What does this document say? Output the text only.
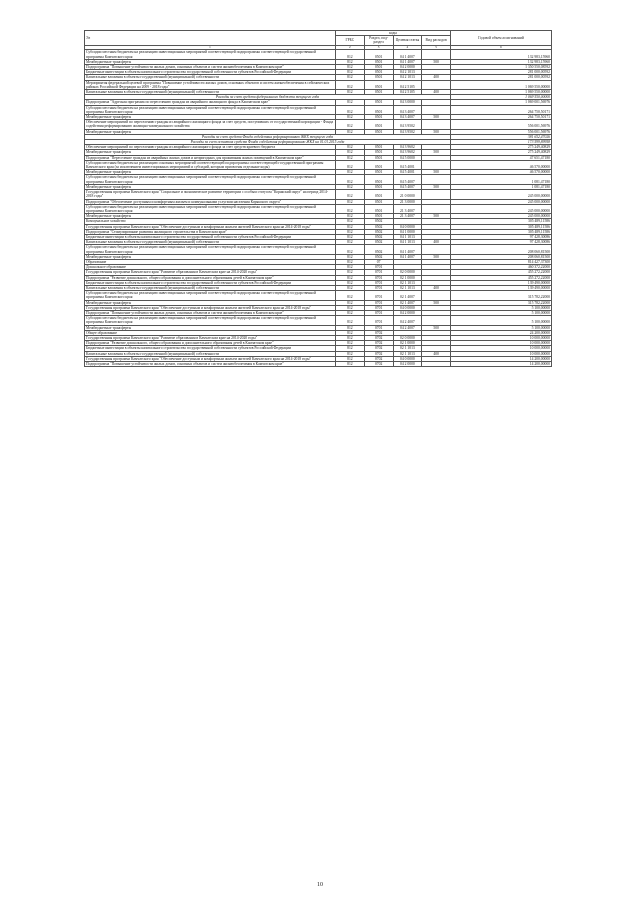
Эл	коды				Годовой объем ассигнований
	ГРБС	Раздел, под-раздел	Целевая статья	Вид расходов	
1	2	3	4	5	6
Субсидии местным бюджетам на реализацию инвестиционных мероприятий соответствующей подпрограммы соответствующей государственной программы Камчатского края	812	0501	04 1 4007		132 983,15960
Межбюджетные трансферты	812	0501	04 1 4007	500	132 983,15960
Подпрограмма "Повышение устойчивости жилых домов, основных объектов и систем жизнеобеспечения в Камчатском крае"	812	0501	04 2 0000		1 350 550,08592
Бюджетные инвестиции в объекты капитального строительства государственной собственности субъектов Российской Федерации	812	0501	04 2 1013		281 000,00592
Капитальные вложения в объекты государственной (муниципальной) собственности	812	0501	04 2 1013	400	281 000,00592
Мероприятия федеральной целевой программы "Повышение устойчивости жилых домов, основных объектов и систем жизнеобеспечения в сейсмических районах Российской Федерации на 2009 - 2018 годы"	812	0501	04 2 5105		1 069 550,00000
Капитальные вложения в объекты государственной (муниципальной) собственности	812	0501	04 2 5105	400	1 069 550,00000
Расходы за счет средств федерального бюджета текущего года					1 069 550,00000
Подпрограмма "Адресная программа по переселению граждан из аварийного жилищного фонда в Камчатском крае"	812	0501	04 3 0000		1 069 001,56976
Субсидии местным бюджетам на реализацию инвестиционных мероприятий соответствующей подпрограммы соответствующей государственной программы Камчатского края	812	0501	04 3 4007		264 750,50171
Межбюджетные трансферты	812	0501	04 3 4007	500	264 750,50171
Обеспечение мероприятий по переселению граждан из аварийного жилищного фонда за счет средств, поступивших от государственной корпорации - Фонда содействия реформированию жилищно-коммунального хозяйства	812	0501	04 3 9502		556 001,56976
Межбюджетные трансферты	812	0501	04 3 9502	500	556 001,56976
Расходы за счет средств Фонда содействия реформированию ЖКХ текущего года					381 652,47026
Расходы за счет остатков средств Фонда содействия реформированию ЖКХ на 01.01.2015 года					173 599,89958
Обеспечение мероприятий по переселению граждан из аварийного жилищного фонда за счет средств краевого бюджета	812	0501	04 3 9602		275 249,40829
Межбюджетные трансферты	812	0501	04 3 9602	500	275 249,40829
Подпрограмма "Переселение граждан из аварийных жилых домов и непригодных для проживания жилых помещений в Камчатском крае"	812	0501	04 5 0000		47 651,47180
Субсидии местным бюджетам на реализацию основных мероприятий соответствующей подпрограммы соответствующей государственной программы Камчатского края (за исключением инвестиционных мероприятий и субсидий, которым присвоены отдельные коды)	812	0501	04 5 4001		46 570,00000
Межбюджетные трансферты	812	0501	04 5 4001	500	46 570,00000
Субсидии местным бюджетам на реализацию инвестиционных мероприятий соответствующей подпрограммы соответствующей государственной программы Камчатского края	812	0501	04 5 4007		1 081,47180
Межбюджетные трансферты	812	0501	04 5 4007	500	1 081,47180
Государственная программа Камчатского края "Социальное и экономическое развитие территории с особым статусом "Корякский округ" на период 2014-2018 годы"	812	0501	21 0 0000		245 000,00000
Подпрограмма "Обеспечение доступным и комфортным жильем и коммунальными услугами населения Корякского округа"	812	0501	21 3 0000		245 000,00000
Субсидии местным бюджетам на реализацию инвестиционных мероприятий соответствующей подпрограммы соответствующей государственной программы Камчатского края	812	0501	21 3 4007		245 000,00000
Межбюджетные трансферты	812	0501	21 3 4007	500	245 000,00000
Коммунальное хозяйство	812	0502			305 489,11586
Государственная программа Камчатского края "Обеспечение доступным и комфортным жильем жителей Камчатского края на 2014-2018 годы"	812	0502	04 0 0000		305 489,11586
Подпрограмма "Стимулирование развития жилищного строительства в Камчатском крае"	812	0502	04 1 0000		305 489,11586
Бюджетные инвестиции в объекты капитального строительства государственной собственности субъектов Российской Федерации	812	0502	04 1 1013		97 428,30086
Капитальные вложения в объекты государственной (муниципальной) собственности	812	0502	04 1 1013	400	97 428,30086
Субсидии местным бюджетам на реализацию инвестиционных мероприятий соответствующей подпрограммы соответствующей государственной программы Камчатского края	812	0502	04 1 4007		208 060,81500
Межбюджетные трансферты	812	0502	04 1 4007	500	208 060,81500
Образование	812	07			814 427,37300
Дошкольное образование	812	0701			460 372,22000
Государственная программа Камчатского края "Развитие образования в Камчатском крае на 2014-2020 годы"	812	0701	02 0 0000		455 272,22000
Подпрограмма "Развитие дошкольного, общего образования и дополнительного образования детей в Камчатском крае"	812	0701	02 1 0000		455 272,22000
Бюджетные инвестиции в объекты капитального строительства государственной собственности субъектов Российской Федерации	812	0701	02 1 1013		139 490,00000
Капитальные вложения в объекты государственной (муниципальной) собственности	812	0701	02 1 1013	400	139 490,00000
Субсидии местным бюджетам на реализацию инвестиционных мероприятий соответствующей подпрограммы соответствующей государственной программы Камчатского края	812	0701	02 1 4007		315 782,22000
Межбюджетные трансферты	812	0701	02 1 4007	500	315 782,22000
Государственная программа Камчатского края "Обеспечение доступным и комфортным жильем жителей Камчатского края на 2014-2018 годы"	812	0701	04 0 0000		5 100,00000
Подпрограмма "Повышение устойчивости жилых домов, основных объектов и систем жизнеобеспечения в Камчатском крае"	812	0701	04 2 0000		5 100,00000
Субсидии местным бюджетам на реализацию инвестиционных мероприятий соответствующей подпрограммы соответствующей государственной программы Камчатского края	812	0701	04 2 4007		5 100,00000
Межбюджетные трансферты	812	0701	04 2 4007	500	5 100,00000
Общее образование	812	0702			24 200,00000
Государственная программа Камчатского края "Развитие образования в Камчатском крае на 2014-2020 годы"	812	0702	02 0 0000		10 000,00000
Подпрограмма "Развитие дошкольного, общего образования и дополнительного образования детей в Камчатском крае"	812	0702	02 1 0000		10 000,00000
Бюджетные инвестиции в объекты капитального строительства государственной собственности субъектов Российской Федерации	812	0702	02 1 1013		10 000,00000
Капитальные вложения в объекты государственной (муниципальной) собственности	812	0702	02 1 1013	400	10 000,00000
Государственная программа Камчатского края "Обеспечение доступным и комфортным жильем жителей Камчатского края на 2014-2018 годы"	812	0702	04 0 0000		14 200,00000
Подпрограмма "Повышение устойчивости жилых домов, основных объектов и систем жизнеобеспечения в Камчатском крае"	812	0702	04 2 0000		14 200,00000
10
